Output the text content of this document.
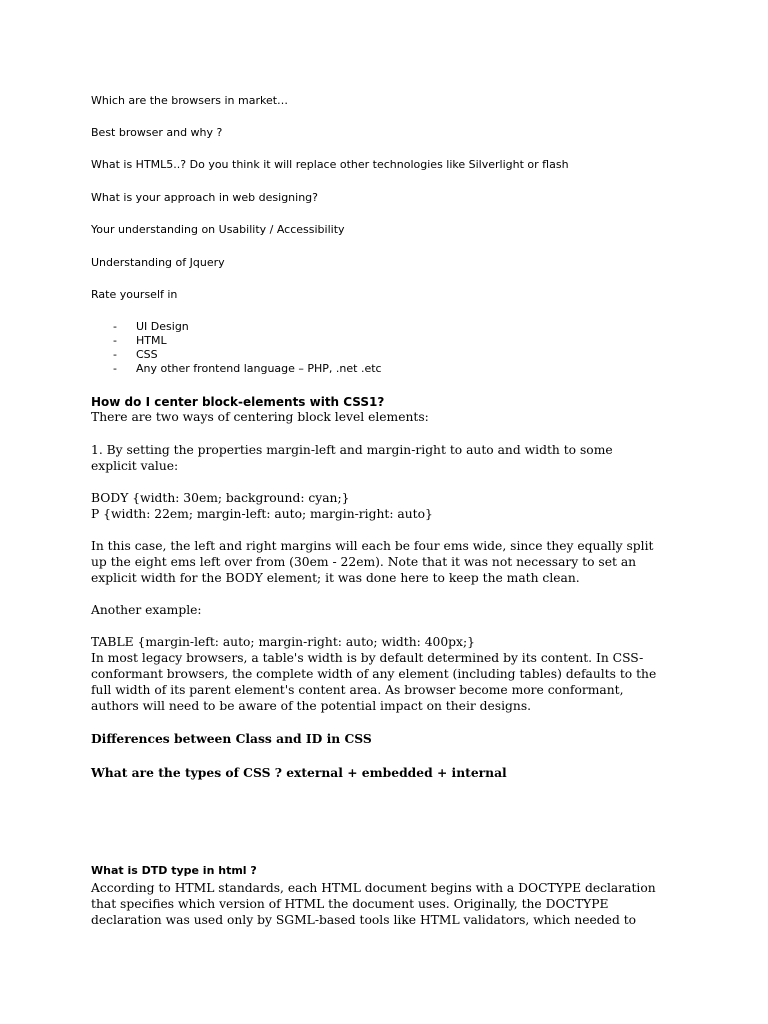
Which are the browsers in market…

Best browser and why ?

What is HTML5..? Do you think it will replace other technologies like Silverlight or flash

What is your approach in web designing?

Your understanding on Usability / Accessibility

Understanding of Jquery

Rate yourself in

- UI Design
- HTML
- CSS
- Any other frontend language – PHP, .net .etc

How do I center block-elements with CSS1?

There are two ways of centering block level elements:

1. By setting the properties margin-left and margin-right to auto and width to some

explicit value:

BODY {width: 30em; background: cyan;}

P {width: 22em; margin-left: auto; margin-right: auto}

In this case, the left and right margins will each be four ems wide, since they equally split

up the eight ems left over from (30em - 22em). Note that it was not necessary to set an

explicit width for the BODY element; it was done here to keep the math clean.

Another example:

TABLE {margin-left: auto; margin-right: auto; width: 400px;}

In most legacy browsers, a table's width is by default determined by its content. In CSS-

conformant browsers, the complete width of any element (including tables) defaults to the

full width of its parent element's content area. As browser become more conformant,

authors will need to be aware of the potential impact on their designs.

Differences between Class and ID in CSS

What are the types of CSS ? external + embedded + internal

What is DTD type in html ?

According to HTML standards, each HTML document begins with a DOCTYPE declaration

that specifies which version of HTML the document uses. Originally, the DOCTYPE

declaration was used only by SGML-based tools like HTML validators, which needed to
